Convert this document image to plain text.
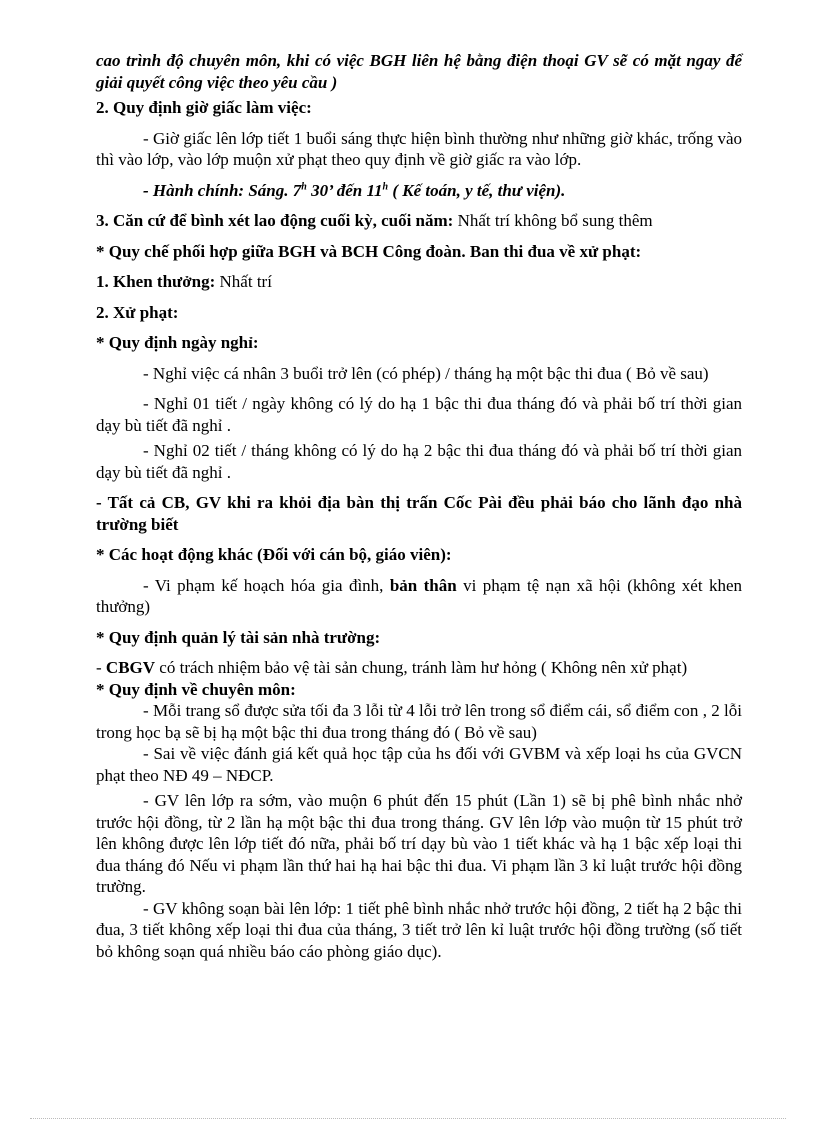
cao trình độ chuyên môn, khi có việc BGH liên hệ bằng điện thoại GV sẽ có mặt ngay để giải quyết công việc theo yêu cầu )

2. Quy định giờ giấc làm việc:

- Giờ giấc lên lớp tiết 1 buổi sáng thực hiện bình thường như những giờ khác, trống vào thì vào lớp, vào lớp muộn xử phạt theo quy định về giờ giấc ra vào lớp.

- Hành chính: Sáng. 7$^h$ 30’ đến 11$^h$ ( Kế toán, y tế, thư viện).

3. Căn cứ để bình xét lao động cuối kỳ, cuối năm: Nhất trí không bổ sung thêm

* Quy chế phối hợp giữa BGH và BCH Công đoàn. Ban thi đua về xử phạt:

1. Khen thưởng: Nhất trí

2. Xử phạt:

* Quy định ngày nghỉ:

- Nghỉ việc cá nhân 3 buổi trở lên (có phép) / tháng hạ một bậc thi đua ( Bỏ về sau)

- Nghỉ 01 tiết / ngày không có lý do hạ 1 bậc thi đua tháng đó và phải bố trí thời gian dạy bù tiết đã nghỉ .

- Nghỉ 02 tiết / tháng không có lý do hạ 2 bậc thi đua tháng đó và phải bố trí thời gian dạy bù tiết đã nghỉ .

- Tất cả CB, GV khi ra khỏi địa bàn thị trấn Cốc Pài đều phải báo cho lãnh đạo nhà trường biết

* Các hoạt động khác (Đối với cán bộ, giáo viên):

- Vi phạm kế hoạch hóa gia đình, bản thân vi phạm tệ nạn xã hội (không xét khen thưởng)

* Quy định quản lý tài sản nhà trường:

- CBGV có trách nhiệm bảo vệ tài sản chung, tránh làm hư hỏng ( Không nên xử phạt)

* Quy định về chuyên môn:

- Mỗi trang sổ được sửa tối đa 3 lỗi từ 4 lỗi trở lên trong sổ điểm cái, sổ điểm con , 2 lỗi trong học bạ sẽ bị hạ một bậc thi đua trong tháng đó ( Bỏ về sau)

- Sai về việc đánh giá kết quả học tập của hs đối với GVBM và xếp loại hs của GVCN phạt theo NĐ 49 – NĐCP.

- GV lên lớp ra sớm, vào muộn 6 phút đến 15 phút (Lần 1) sẽ bị phê bình nhắc nhở trước hội đồng, từ 2 lần hạ một bậc thi đua trong tháng. GV lên lớp vào muộn từ 15 phút trở lên không được lên lớp tiết đó nữa, phải bố trí dạy bù vào 1 tiết khác và hạ 1 bậc xếp loại thi đua tháng đó Nếu vi phạm lần thứ hai hạ hai bậc thi đua. Vi phạm lần 3 kỉ luật trước hội đồng trường.

- GV không soạn bài lên lớp: 1 tiết phê bình nhắc nhở trước hội đồng, 2 tiết hạ 2 bậc thi đua, 3 tiết không xếp loại thi đua của tháng, 3 tiết trở lên kỉ luật trước hội đồng trường (số tiết bỏ không soạn quá nhiều báo cáo phòng giáo dục).
